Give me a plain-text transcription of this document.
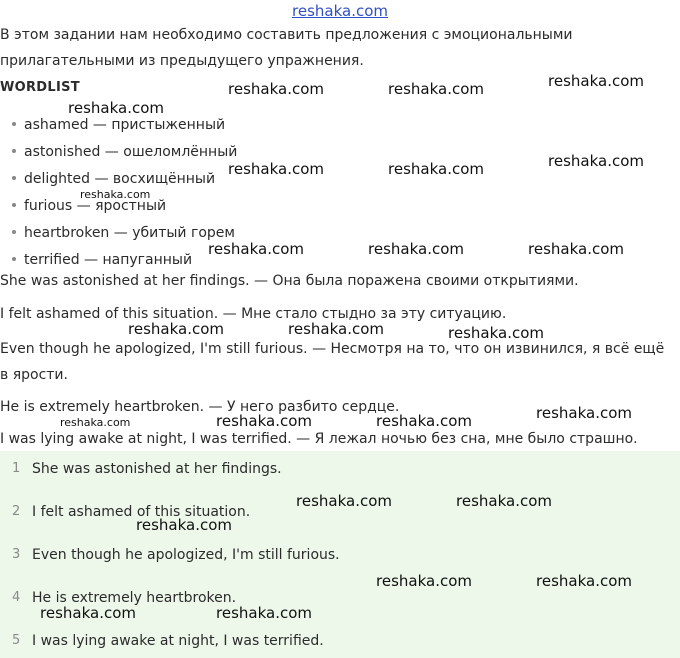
reshaka.com
В этом задании нам необходимо составить предложения с эмоциональными
прилагательными из предыдущего упражнения.
WORDLIST
ashamed — пристыженный
astonished — ошеломлённый
delighted — восхищённый
furious — яростный
heartbroken — убитый горем
terrified — напуганный
She was astonished at her findings. — Она была поражена своими открытиями.
I felt ashamed of this situation. — Мне стало стыдно за эту ситуацию.
Even though he apologized, I'm still furious. — Несмотря на то, что он извинился, я всё ещё
в ярости.
He is extremely heartbroken. — У него разбито сердце.
I was lying awake at night, I was terrified. — Я лежал ночью без сна, мне было страшно.
1 She was astonished at her findings.
2 I felt ashamed of this situation.
3 Even though he apologized, I'm still furious.
4 He is extremely heartbroken.
5 I was lying awake at night, I was terrified.
reshaka.com	reshaka.com	reshaka.com
reshaka.com
reshaka.com	reshaka.com	reshaka.com
reshaka.com
reshaka.com	reshaka.com	reshaka.com
reshaka.com	reshaka.com	reshaka.com
reshaka.com	reshaka.com	reshaka.com	reshaka.com
reshaka.com	reshaka.com
reshaka.com
reshaka.com	reshaka.com
reshaka.com	reshaka.com
